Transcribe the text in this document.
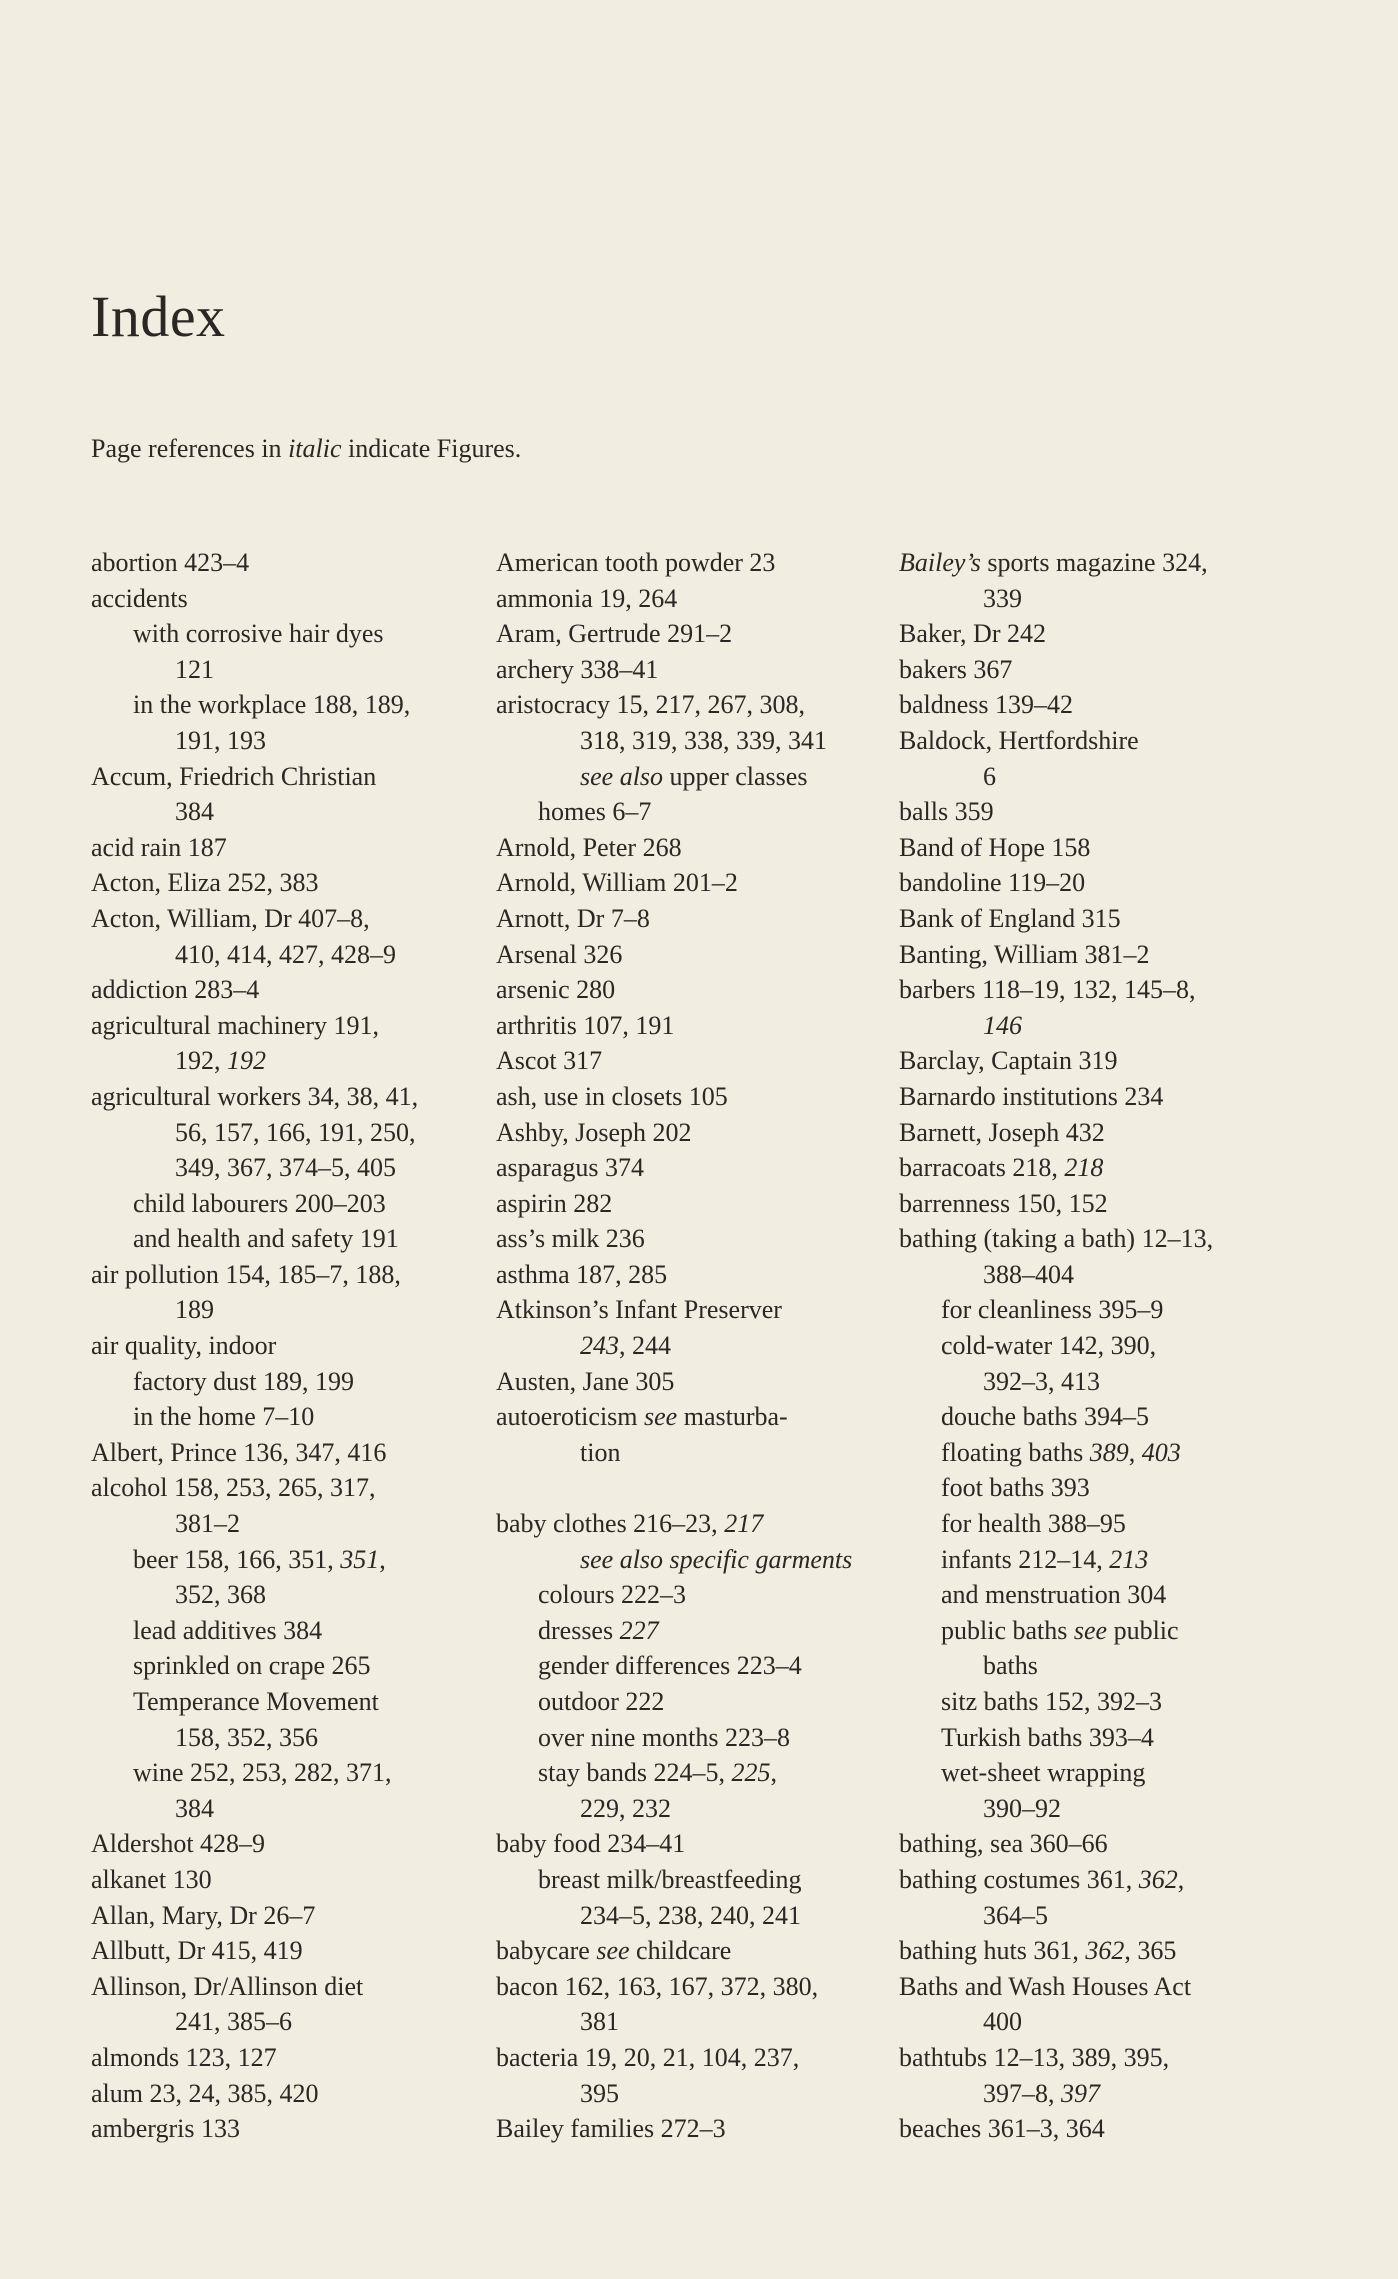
Index
Page references in italic indicate Figures.
abortion 423–4
accidents
with corrosive hair dyes
121
in the workplace 188, 189,
191, 193
Accum, Friedrich Christian
384
acid rain 187
Acton, Eliza 252, 383
Acton, William, Dr 407–8,
410, 414, 427, 428–9
addiction 283–4
agricultural machinery 191,
192, 192
agricultural workers 34, 38, 41,
56, 157, 166, 191, 250,
349, 367, 374–5, 405
child labourers 200–203
and health and safety 191
air pollution 154, 185–7, 188,
189
air quality, indoor
factory dust 189, 199
in the home 7–10
Albert, Prince 136, 347, 416
alcohol 158, 253, 265, 317,
381–2
beer 158, 166, 351, 351,
352, 368
lead additives 384
sprinkled on crape 265
Temperance Movement
158, 352, 356
wine 252, 253, 282, 371,
384
Aldershot 428–9
alkanet 130
Allan, Mary, Dr 26–7
Allbutt, Dr 415, 419
Allinson, Dr/Allinson diet
241, 385–6
almonds 123, 127
alum 23, 24, 385, 420
ambergris 133
American tooth powder 23
ammonia 19, 264
Aram, Gertrude 291–2
archery 338–41
aristocracy 15, 217, 267, 308,
318, 319, 338, 339, 341
see also upper classes
homes 6–7
Arnold, Peter 268
Arnold, William 201–2
Arnott, Dr 7–8
Arsenal 326
arsenic 280
arthritis 107, 191
Ascot 317
ash, use in closets 105
Ashby, Joseph 202
asparagus 374
aspirin 282
ass’s milk 236
asthma 187, 285
Atkinson’s Infant Preserver
243, 244
Austen, Jane 305
autoeroticism see masturba-
tion

baby clothes 216–23, 217
see also specific garments
colours 222–3
dresses 227
gender differences 223–4
outdoor 222
over nine months 223–8
stay bands 224–5, 225,
229, 232
baby food 234–41
breast milk/breastfeeding
234–5, 238, 240, 241
babycare see childcare
bacon 162, 163, 167, 372, 380,
381
bacteria 19, 20, 21, 104, 237,
395
Bailey families 272–3
Bailey’s sports magazine 324,
339
Baker, Dr 242
bakers 367
baldness 139–42
Baldock, Hertfordshire
6
balls 359
Band of Hope 158
bandoline 119–20
Bank of England 315
Banting, William 381–2
barbers 118–19, 132, 145–8,
146
Barclay, Captain 319
Barnardo institutions 234
Barnett, Joseph 432
barracoats 218, 218
barrenness 150, 152
bathing (taking a bath) 12–13,
388–404
for cleanliness 395–9
cold-water 142, 390,
392–3, 413
douche baths 394–5
floating baths 389, 403
foot baths 393
for health 388–95
infants 212–14, 213
and menstruation 304
public baths see public
baths
sitz baths 152, 392–3
Turkish baths 393–4
wet-sheet wrapping
390–92
bathing, sea 360–66
bathing costumes 361, 362,
364–5
bathing huts 361, 362, 365
Baths and Wash Houses Act
400
bathtubs 12–13, 389, 395,
397–8, 397
beaches 361–3, 364
